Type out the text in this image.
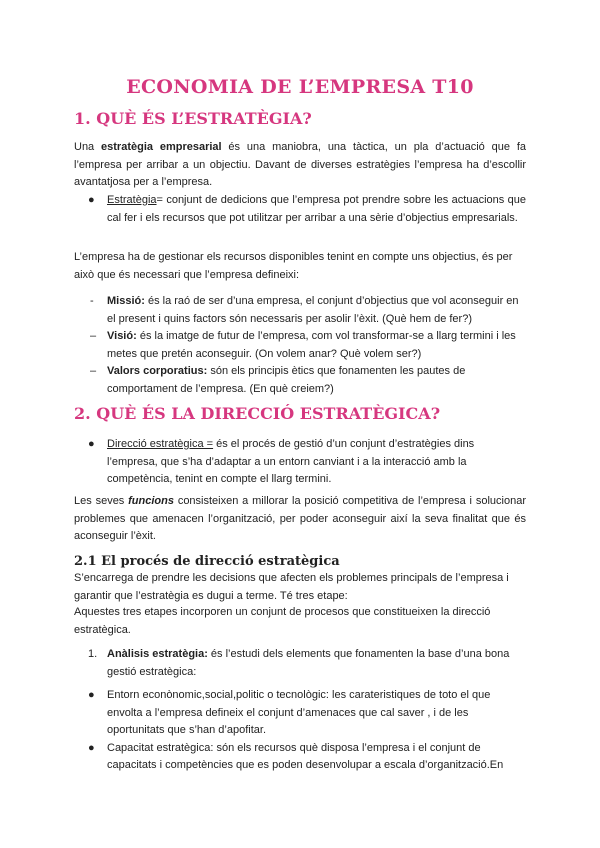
ECONOMIA DE L’EMPRESA T10
1. QUÈ ÉS L’ESTRATÈGIA?

Una estratègia empresarial és una maniobra, una tàctica, un pla d’actuació que fa l’empresa per arribar a un objectiu. Davant de diverses estratègies l’empresa ha d’escollir avantatjosa per a l’empresa.

● Estratègia= conjunt de dedicions que l’empresa pot prendre sobre les actuacions que cal fer i els recursos que pot utilitzar per arribar a una sèrie d’objectius empresarials.

L’empresa ha de gestionar els recursos disponibles tenint en compte uns objectius, és per això que és necessari que l’empresa defineixi:

- Missió: és la raó de ser d’una empresa, el conjunt d’objectius que vol aconseguir en el present i quins factors són necessaris per asolir l’èxit. (Què hem de fer?)
– Visió: és la imatge de futur de l’empresa, com vol transformar-se a llarg termini i les metes que pretén aconseguir. (On volem anar? Què volem ser?)
– Valors corporatius: són els principis ètics que fonamenten les pautes de comportament de l’empresa. (En què creiem?)
2. QUÈ ÉS LA DIRECCIÓ ESTRATÈGICA?
● Direcció estratègica = és el procés de gestió d’un conjunt d’estratègies dins l’empresa, que s’ha d’adaptar a un entorn canviant i a la interacció amb la competència, tenint en compte el llarg termini.

Les seves funcions consisteixen a millorar la posició competitiva de l’empresa i solucionar problemes que amenacen l’organització, per poder aconseguir així la seva finalitat que és aconseguir l’èxit.

2.1 El procés de direcció estratègica

S’encarrega de prendre les decisions que afecten els problemes principals de l’empresa i garantir que l’estratègia es dugui a terme. Té tres etape:

Aquestes tres etapes incorporen un conjunt de procesos que constitueixen la direcció estratègica.

1. Anàlisis estratègia: és l’estudi dels elements que fonamenten la base d’una bona gestió estratègica:
● Entorn econònomic,social,politic o tecnològic: les carateristiques de toto el que envolta a l’empresa defineix el conjunt d’amenaces que cal saver , i de les oportunitats que s’han d’apofitar.
● Capacitat estratègica: són els recursos què disposa l’empresa i el conjunt de capacitats i competències que es poden desenvolupar a escala d’organització.En
